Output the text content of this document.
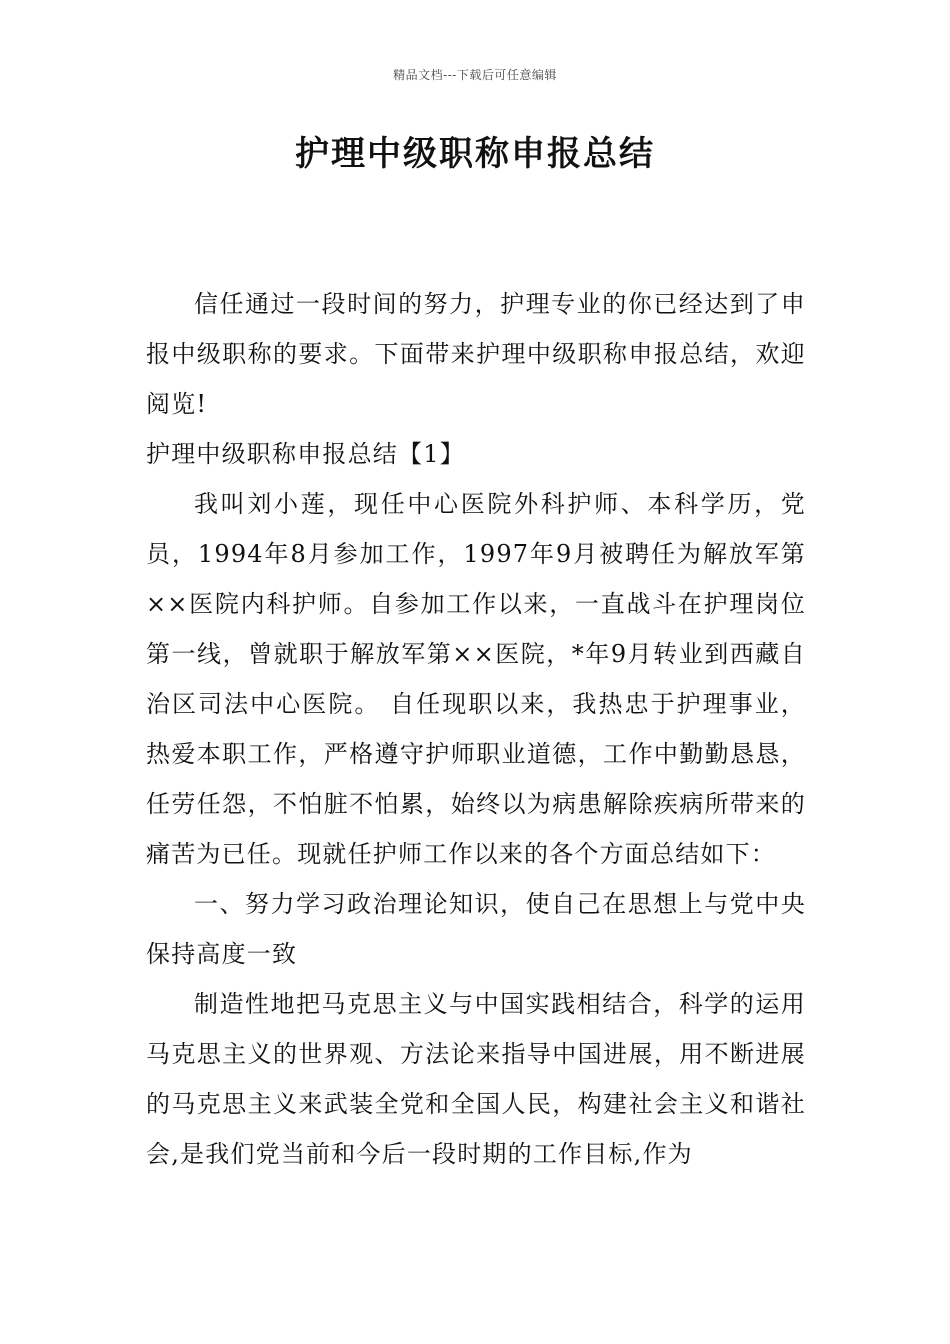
精品文档---下载后可任意编辑
护理中级职称申报总结

信任通过一段时间的努力，护理专业的你已经达到了申报中级职称的要求。下面带来护理中级职称申报总结，欢迎阅览!

护理中级职称申报总结【1】

我叫刘小莲，现任中心医院外科护师、本科学历，党员，1994年8月参加工作，1997年9月被聘任为解放军第××医院内科护师。自参加工作以来，一直战斗在护理岗位第一线，曾就职于解放军第××医院，*年9月转业到西藏自治区司法中心医院。 自任现职以来，我热忠于护理事业，热爱本职工作，严格遵守护师职业道德，工作中勤勤恳恳，任劳任怨，不怕脏不怕累，始终以为病患解除疾病所带来的痛苦为已任。现就任护师工作以来的各个方面总结如下：

一、努力学习政治理论知识，使自己在思想上与党中央保持高度一致

制造性地把马克思主义与中国实践相结合，科学的运用马克思主义的世界观、方法论来指导中国进展，用不断进展的马克思主义来武装全党和全国人民，构建社会主义和谐社会,是我们党当前和今后一段时期的工作目标,作为
